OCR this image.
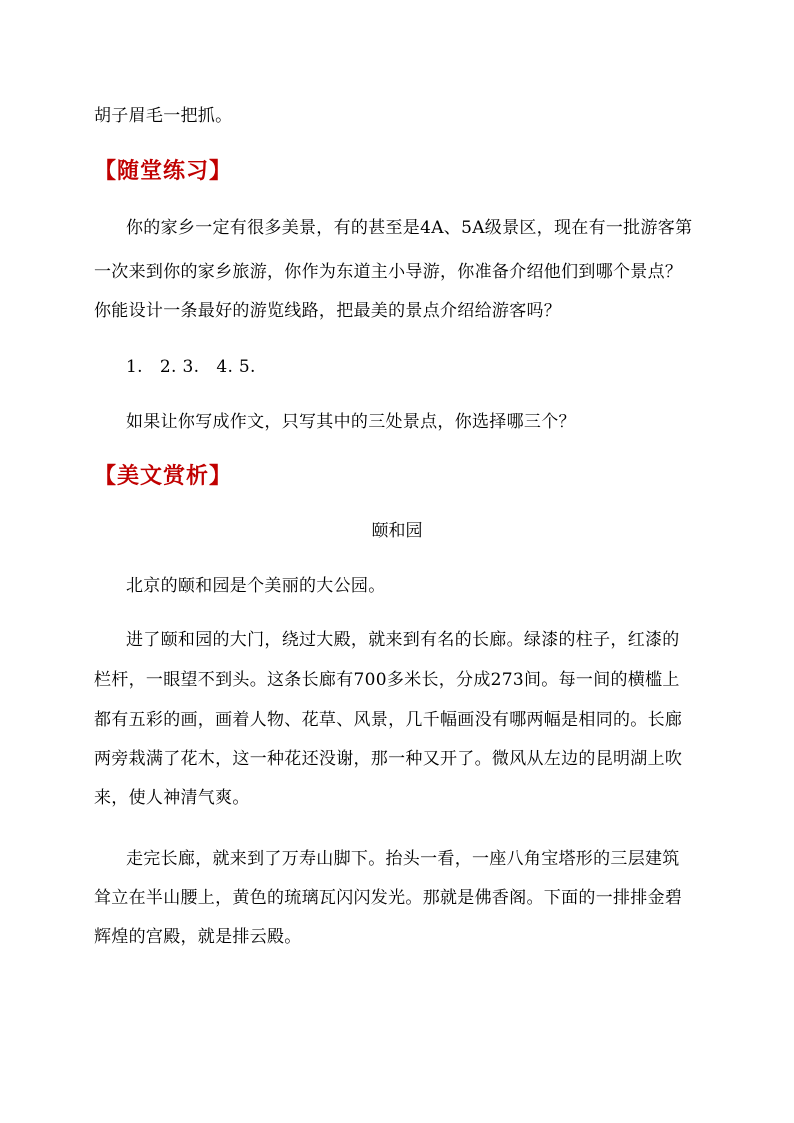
胡子眉毛一把抓。
【随堂练习】
你的家乡一定有很多美景，有的甚至是4A、5A级景区，现在有一批游客第
一次来到你的家乡旅游，你作为东道主小导游，你准备介绍他们到哪个景点？
你能设计一条最好的游览线路，把最美的景点介绍给游客吗？
1.   2. 3.   4. 5.
如果让你写成作文，只写其中的三处景点，你选择哪三个？
【美文赏析】
颐和园
北京的颐和园是个美丽的大公园。
进了颐和园的大门，绕过大殿，就来到有名的长廊。绿漆的柱子，红漆的
栏杆，一眼望不到头。这条长廊有700多米长，分成273间。每一间的横槛上
都有五彩的画，画着人物、花草、风景，几千幅画没有哪两幅是相同的。长廊
两旁栽满了花木，这一种花还没谢，那一种又开了。微风从左边的昆明湖上吹
来，使人神清气爽。
走完长廊，就来到了万寿山脚下。抬头一看，一座八角宝塔形的三层建筑
耸立在半山腰上，黄色的琉璃瓦闪闪发光。那就是佛香阁。下面的一排排金碧
辉煌的宫殿，就是排云殿。
